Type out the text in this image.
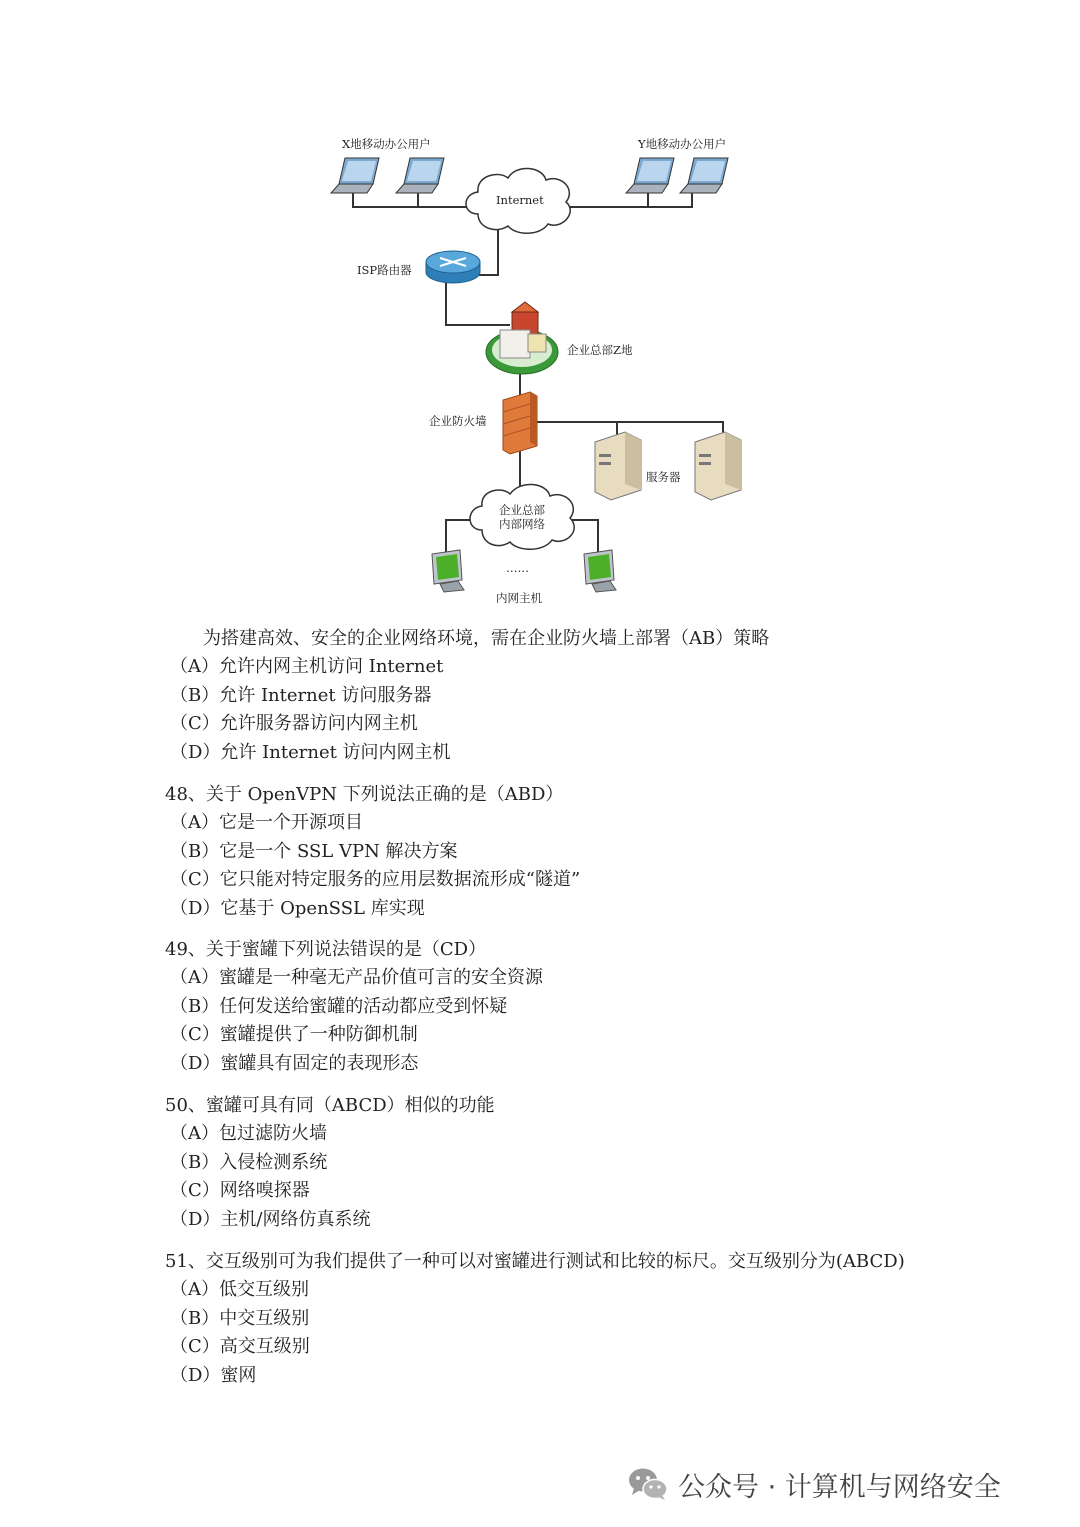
X地移动办公用户	Y地移动办公用户
Internet
ISP路由器
企业总部Z地
企业防火墙
服务器
企业总部
内部网络
……
内网主机
为搭建高效、安全的企业网络环境，需在企业防火墙上部署（AB）策略
（A）允许内网主机访问 Internet
（B）允许 Internet 访问服务器
（C）允许服务器访问内网主机
（D）允许 Internet 访问内网主机
48、关于 OpenVPN 下列说法正确的是（ABD）
（A）它是一个开源项目
（B）它是一个 SSL VPN 解决方案
（C）它只能对特定服务的应用层数据流形成“隧道”
（D）它基于 OpenSSL 库实现
49、关于蜜罐下列说法错误的是（CD）
（A）蜜罐是一种毫无产品价值可言的安全资源
（B）任何发送给蜜罐的活动都应受到怀疑
（C）蜜罐提供了一种防御机制
（D）蜜罐具有固定的表现形态
50、蜜罐可具有同（ABCD）相似的功能
（A）包过滤防火墙
（B）入侵检测系统
（C）网络嗅探器
（D）主机/网络仿真系统
51、交互级别可为我们提供了一种可以对蜜罐进行测试和比较的标尺。交互级别分为(ABCD)
（A）低交互级别
（B）中交互级别
（C）高交互级别
（D）蜜网
公众号 · 计算机与网络安全
